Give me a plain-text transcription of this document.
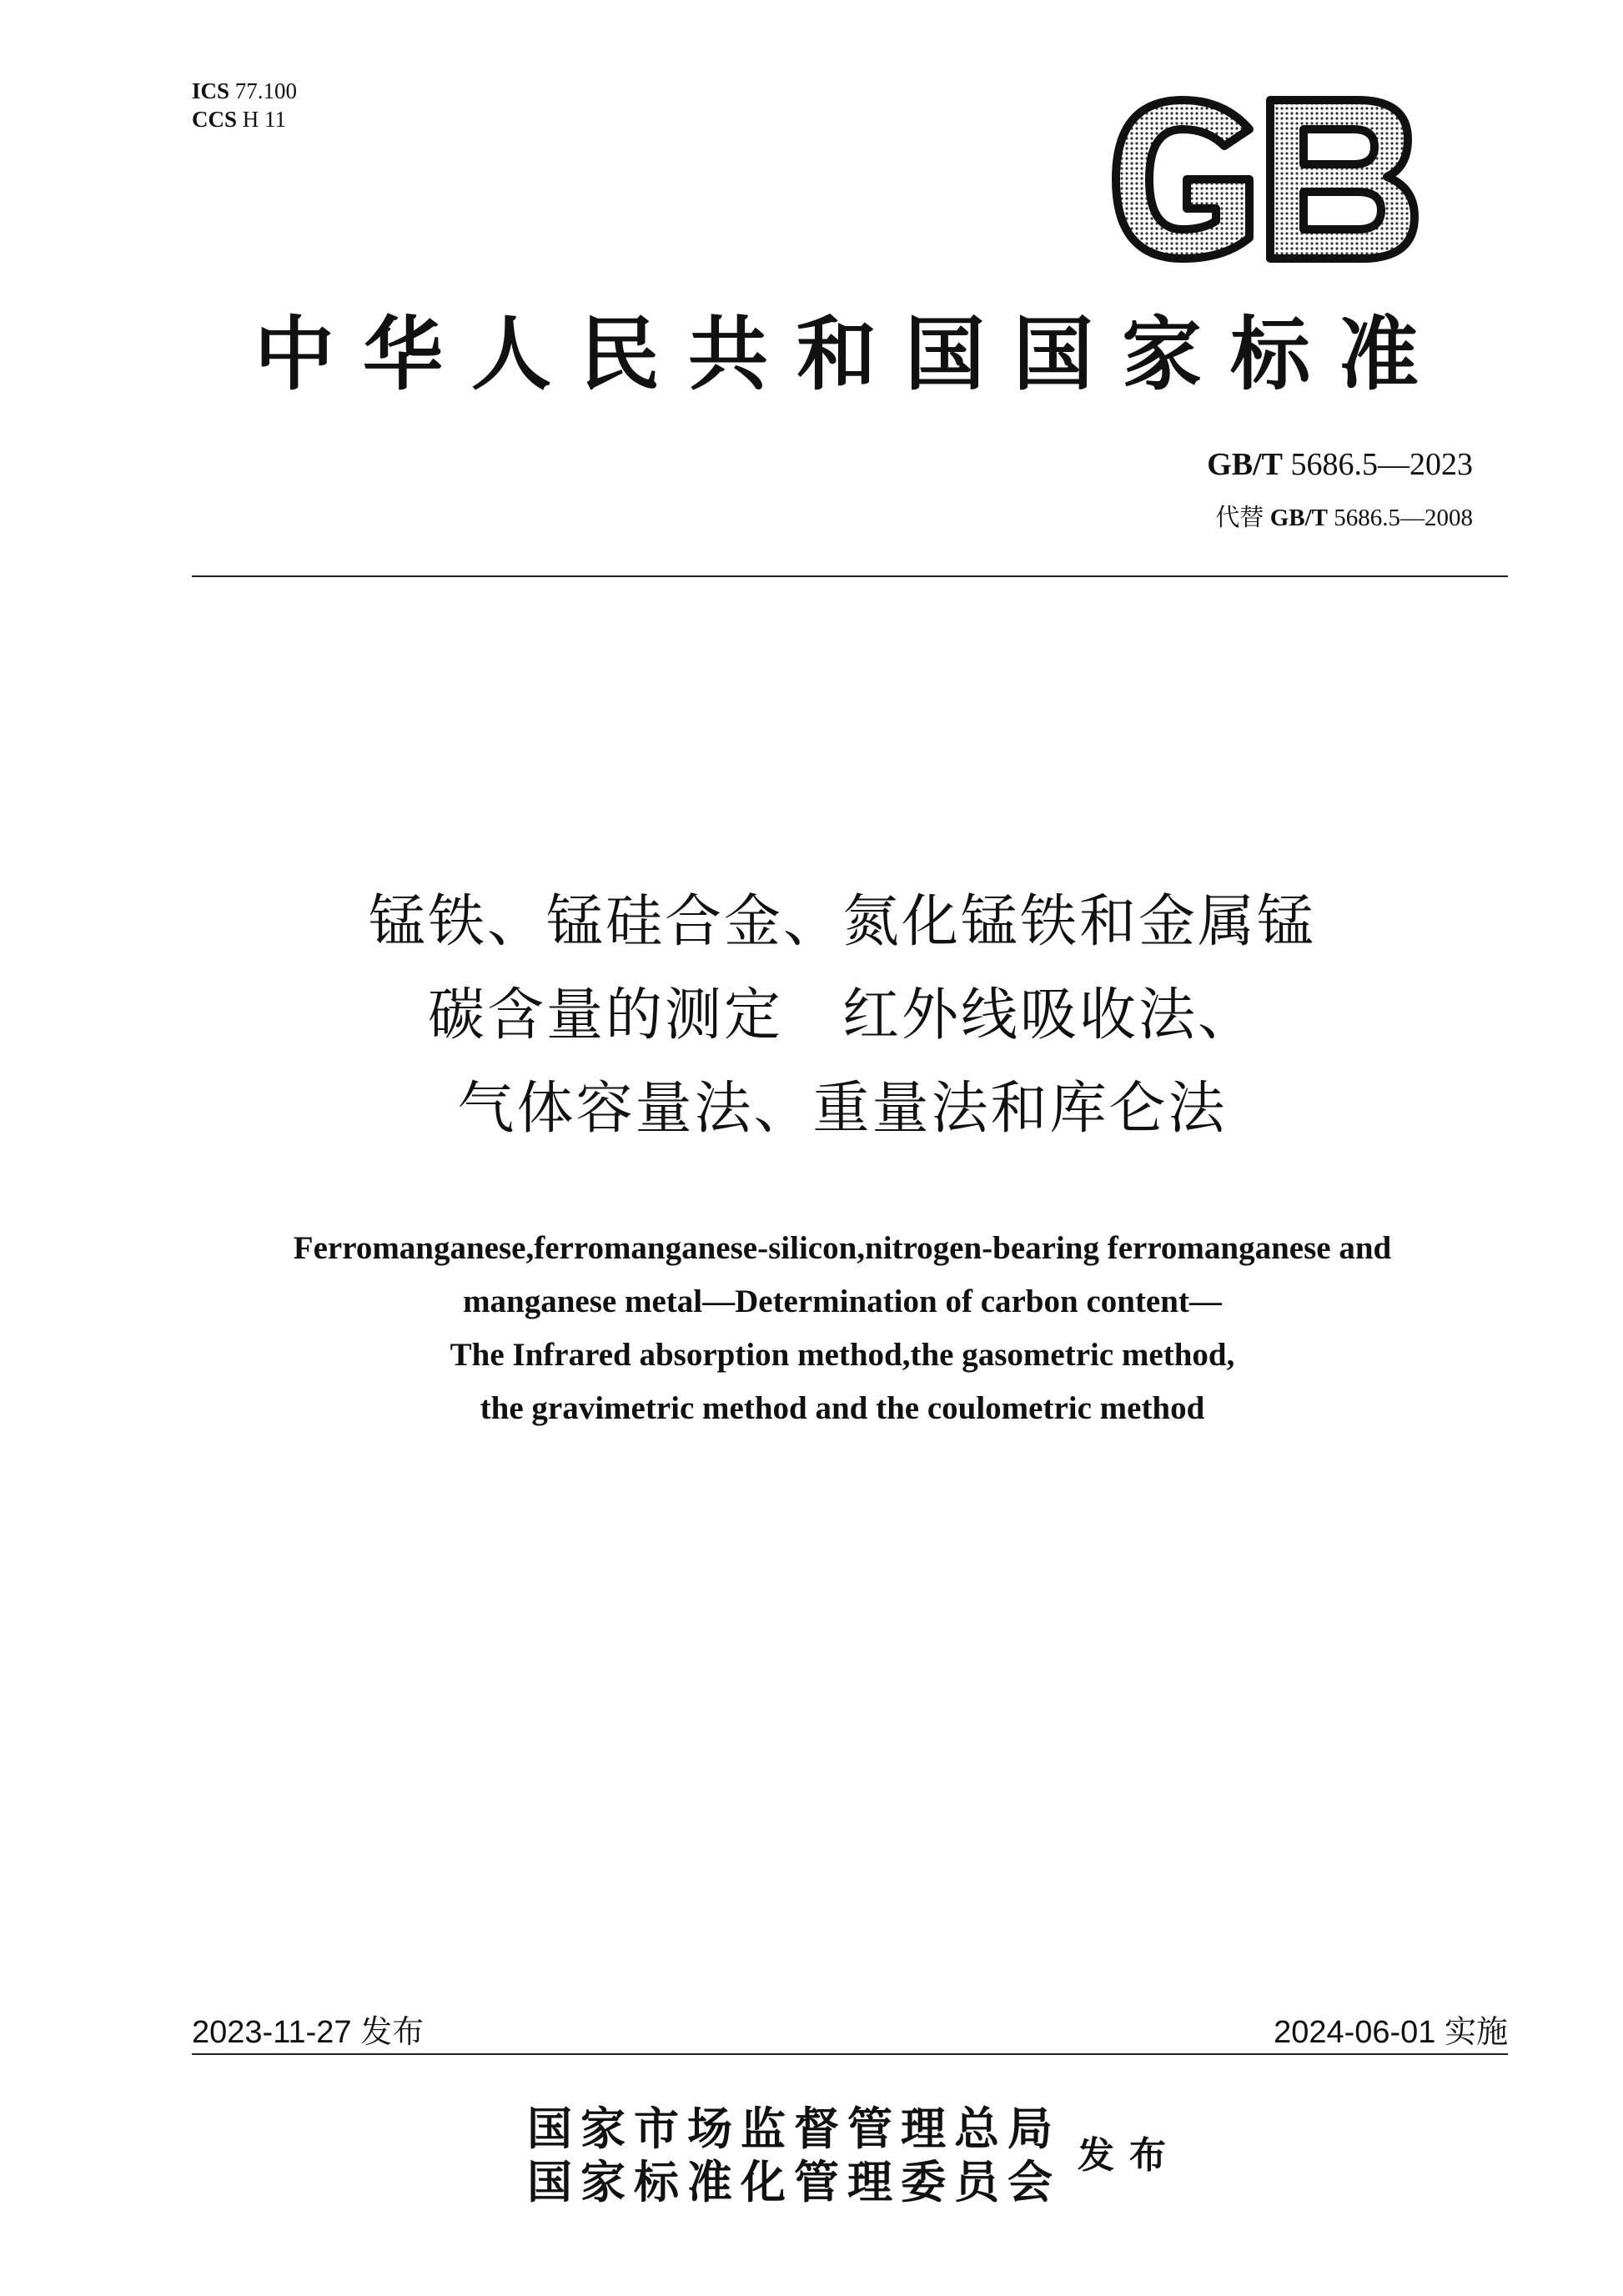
ICS 77.100
CCS H 11
中华人民共和国国家标准
GB/T 5686.5—2023
代替 GB/T 5686.5—2008
锰铁、锰硅合金、氮化锰铁和金属锰
碳含量的测定　红外线吸收法、
气体容量法、重量法和库仑法
Ferromanganese,ferromanganese-silicon,nitrogen-bearing ferromanganese and
manganese metal—Determination of carbon content—
The Infrared absorption method,the gasometric method,
the gravimetric method and the coulometric method
2023-11-27 发布	2024-06-01 实施
国家市场监督管理总局
国家标准化管理委员会 发布
